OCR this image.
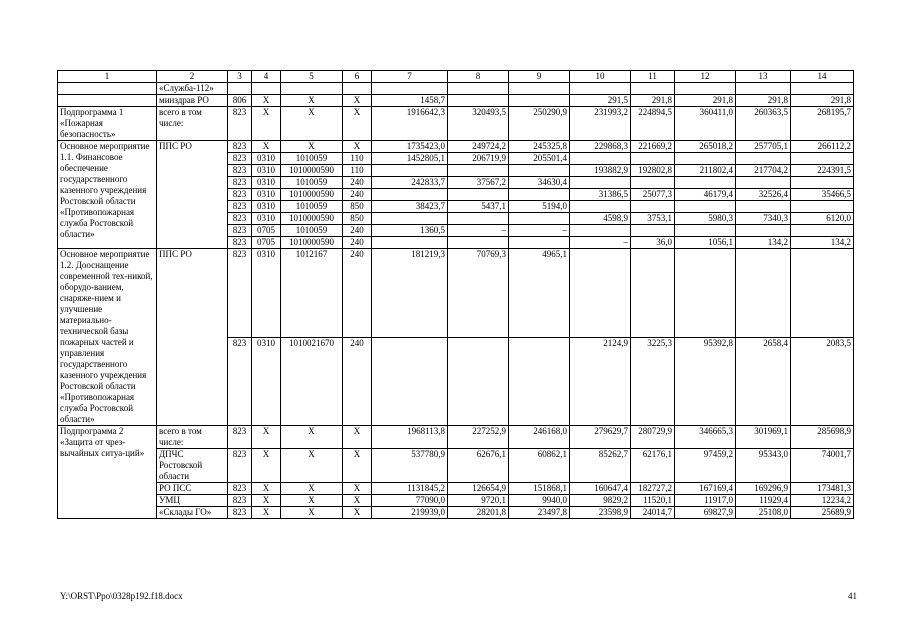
1	2	3	4	5	6	7	8	9	10	11	12	13	14
	«Служба-112»												
	минздрав РО	806	Х	Х	Х	1458,7			291,5	291,8	291,8	291,8	291,8
Подпрограмма 1 «Пожарная безопасность»	всего в том числе:	823	Х	Х	Х	1916642,3	320493,5	250290,9	231993,2	224894,5	360411,0	260363,5	268195,7
Основное мероприятие 1.1. Финансовое обеспечение государственного казенного учреждения Ростовской области «Противопожарная служба Ростовской области»	ППС РО	823	Х	Х	Х	1735423,0	249724,2	245325,8	229868,3	221669,2	265018,2	257705,1	266112,2
		823	0310	1010059	110	1452805,1	206719,9	205501,4					
		823	0310	1010000590	110				193882,9	192802,8	211802,4	217704,2	224391,5
		823	0310	1010059	240	242833,7	37567,2	34630,4					
		823	0310	1010000590	240				31386,5	25077,3	46179,4	32526,4	35466,5
		823	0310	1010059	850	38423,7	5437,1	5194,0					
		823	0310	1010000590	850				4598,9	3753,1	5980,3	7340,3	6120,0
		823	0705	1010059	240	1360,5	–	–					
		823	0705	1010000590	240				–	36,0	1056,1	134,2	134,2
Основное мероприятие 1.2. Дооснащение современной тех-никой, оборудо-ванием, снаряже-нием и улучшение материально-технической базы пожарных частей и управления государственного казенного учреждения Ростовской области «Противопожарная служба Ростовской области»	ППС РО	823	0310	1012167	240	181219,3	70769,3	4965,1					
		823	0310	1010021670	240				2124,9	3225,3	95392,8	2658,4	2083,5
Подпрограмма 2 «Защита от чрез-вычайных ситуа-ций»	всего в том числе:	823	Х	Х	Х	1968113,8	227252,9	246168,0	279629,7	280729,9	346665,3	301969,1	285698,9
	ДПЧС Ростовской области	823	Х	Х	Х	537780,9	62676,1	60862,1	85262,7	62176,1	97459,2	95343,0	74001,7
	РО ПСС	823	Х	Х	Х	1131845,2	126654,9	151868,1	160647,4	182727,2	167169,4	169296,9	173481,3
	УМЦ	823	Х	Х	Х	77090,0	9720,1	9940,0	9829,2	11520,1	11917,0	11929,4	12234,2
	«Склады ГО»	823	Х	Х	Х	219939,0	28201,8	23497,8	23598,9	24014,7	69827,9	25108,0	25689,9
Y:\ORST\Ppo\0328p192.f18.docx	41
